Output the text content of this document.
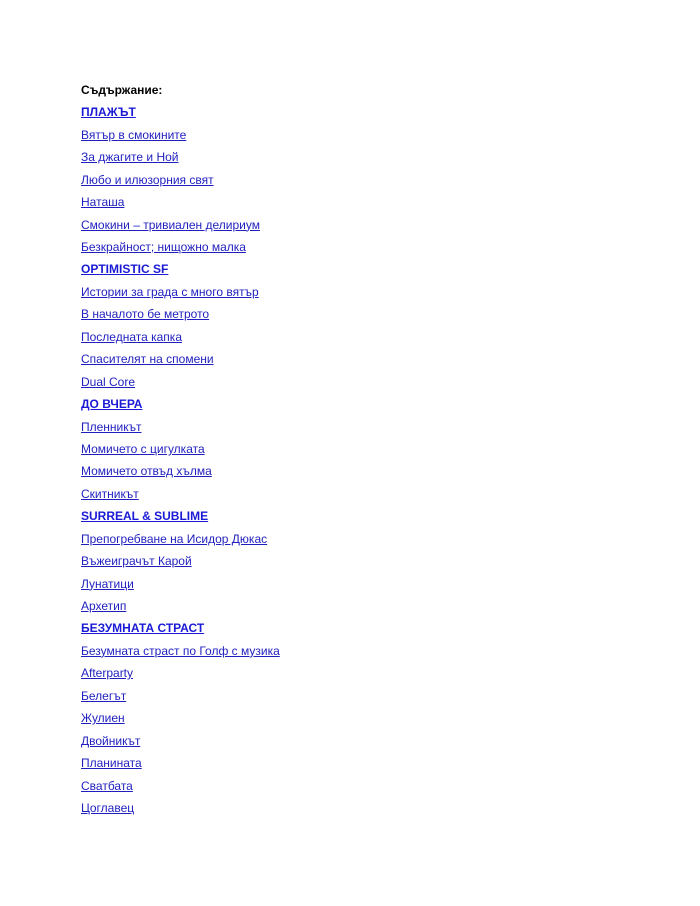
Съдържание:

ПЛАЖЪТ
Вятър в смокините
За джагите и Ной
Любо и илюзорния свят
Наташа
Смокини – тривиален делириум
Безкрайност; нищожно малка
OPTIMISTIC SF
Истории за града с много вятър
В началото бе метрото
Последната капка
Спасителят на спомени
Dual Core
ДО ВЧЕРА
Пленникът
Момичето с цигулката
Момичето отвъд хълма
Скитникът
SURREAL & SUBLIME
Препогребване на Исидор Дюкас
Въжеиграчът Карой
Лунатици
Архетип
БЕЗУМНАТА СТРАСТ
Безумната страст по Голф с музика
Afterparty
Белегът
Жулиен
Двойникът
Планината
Сватбата
Цоглавец
